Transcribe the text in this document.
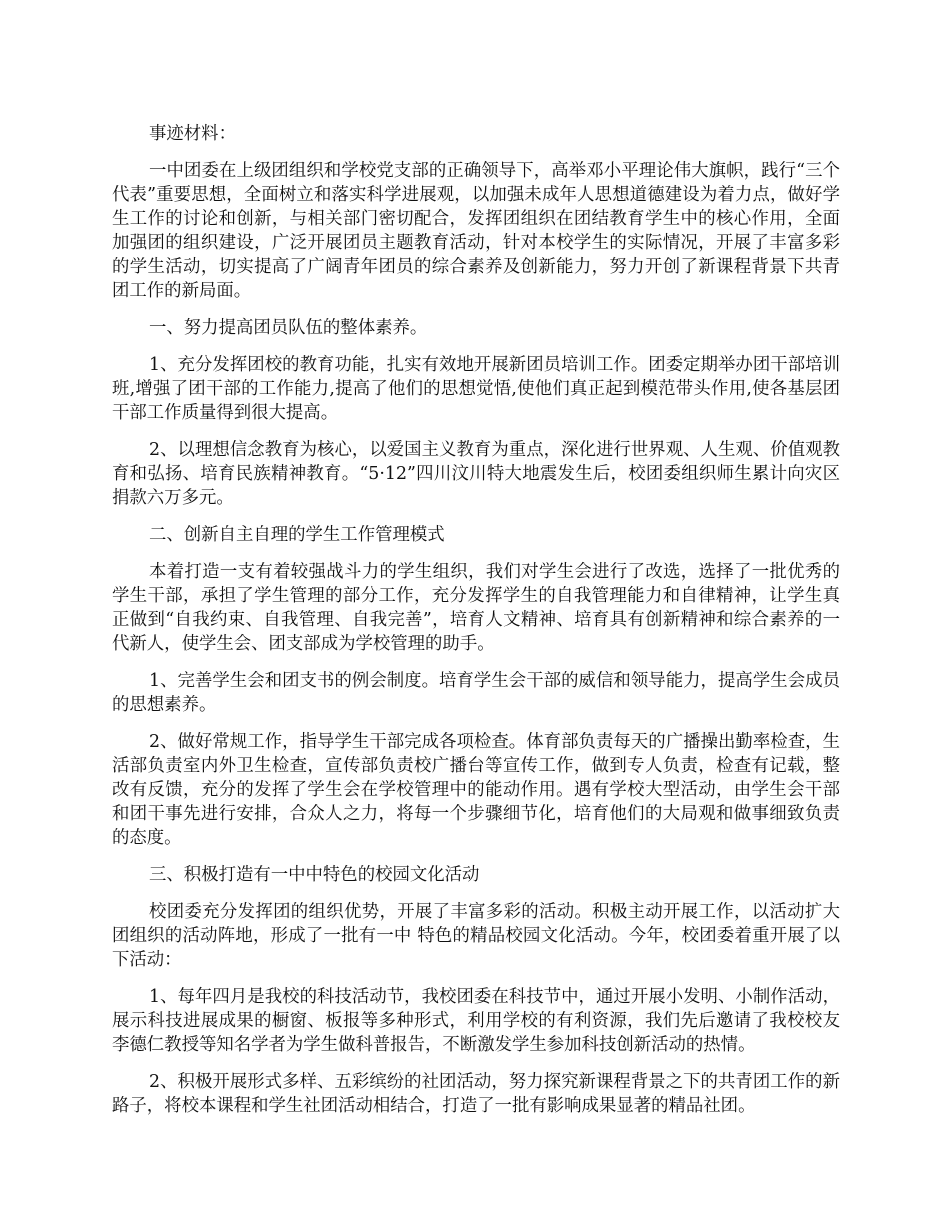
事迹材料：

一中团委在上级团组织和学校党支部的正确领导下，高举邓小平理论伟大旗帜，践行“三个代表”重要思想，全面树立和落实科学进展观，以加强未成年人思想道德建设为着力点，做好学生工作的讨论和创新，与相关部门密切配合，发挥团组织在团结教育学生中的核心作用，全面加强团的组织建设，广泛开展团员主题教育活动，针对本校学生的实际情况，开展了丰富多彩的学生活动，切实提高了广阔青年团员的综合素养及创新能力，努力开创了新课程背景下共青团工作的新局面。

一、努力提高团员队伍的整体素养。

1、充分发挥团校的教育功能，扎实有效地开展新团员培训工作。团委定期举办团干部培训班,增强了团干部的工作能力,提高了他们的思想觉悟,使他们真正起到模范带头作用,使各基层团干部工作质量得到很大提高。

2、以理想信念教育为核心，以爱国主义教育为重点，深化进行世界观、人生观、价值观教育和弘扬、培育民族精神教育。“5·12”四川汶川特大地震发生后，校团委组织师生累计向灾区捐款六万多元。

二、创新自主自理的学生工作管理模式

本着打造一支有着较强战斗力的学生组织，我们对学生会进行了改选，选择了一批优秀的学生干部，承担了学生管理的部分工作，充分发挥学生的自我管理能力和自律精神，让学生真正做到“自我约束、自我管理、自我完善”，培育人文精神、培育具有创新精神和综合素养的一代新人，使学生会、团支部成为学校管理的助手。

1、完善学生会和团支书的例会制度。培育学生会干部的威信和领导能力，提高学生会成员的思想素养。

2、做好常规工作，指导学生干部完成各项检查。体育部负责每天的广播操出勤率检查，生活部负责室内外卫生检查，宣传部负责校广播台等宣传工作，做到专人负责，检查有记载，整改有反馈，充分的发挥了学生会在学校管理中的能动作用。遇有学校大型活动，由学生会干部和团干事先进行安排，合众人之力，将每一个步骤细节化，培育他们的大局观和做事细致负责的态度。

三、积极打造有一中中特色的校园文化活动

校团委充分发挥团的组织优势，开展了丰富多彩的活动。积极主动开展工作，以活动扩大团组织的活动阵地，形成了一批有一中 特色的精品校园文化活动。今年，校团委着重开展了以下活动：

1、每年四月是我校的科技活动节，我校团委在科技节中，通过开展小发明、小制作活动，展示科技进展成果的橱窗、板报等多种形式，利用学校的有利资源，我们先后邀请了我校校友李德仁教授等知名学者为学生做科普报告，不断激发学生参加科技创新活动的热情。

2、积极开展形式多样、五彩缤纷的社团活动，努力探究新课程背景之下的共青团工作的新路子，将校本课程和学生社团活动相结合，打造了一批有影响成果显著的精品社团。
